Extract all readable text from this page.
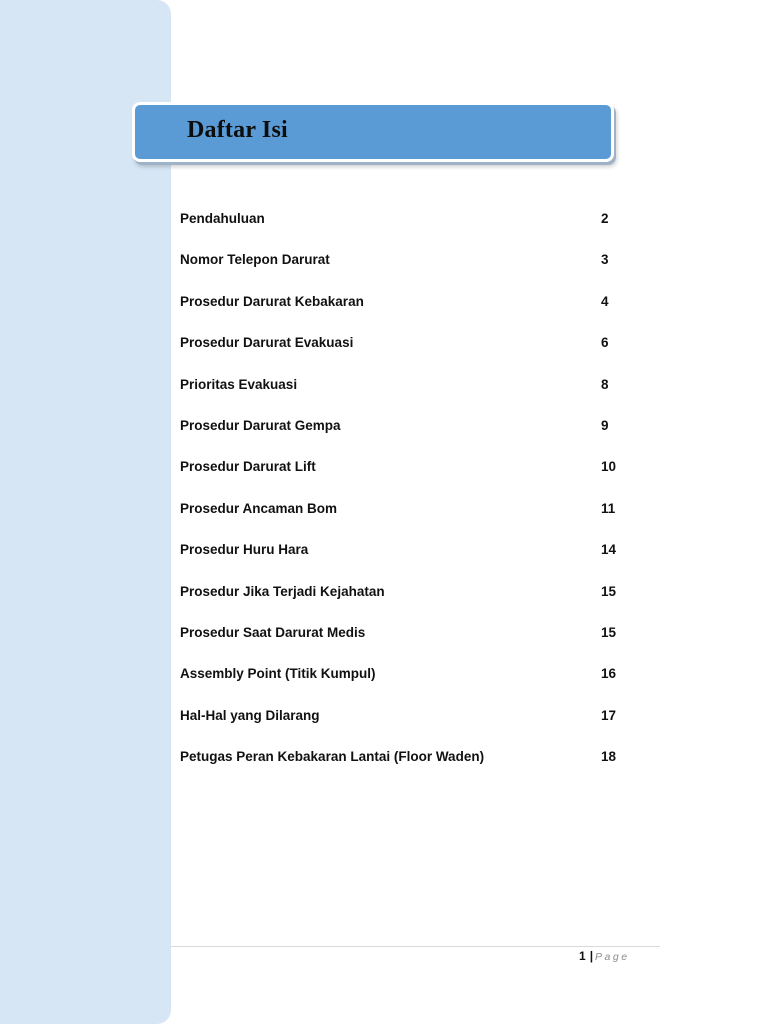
Daftar Isi
Pendahuluan	2
Nomor Telepon Darurat	3
Prosedur Darurat Kebakaran	4
Prosedur Darurat Evakuasi	6
Prioritas Evakuasi	8
Prosedur Darurat Gempa	9
Prosedur Darurat Lift	10
Prosedur Ancaman Bom	11
Prosedur Huru Hara	14
Prosedur Jika Terjadi Kejahatan	15
Prosedur Saat Darurat Medis	15
Assembly Point (Titik Kumpul)	16
Hal-Hal yang Dilarang	17
Petugas Peran Kebakaran Lantai (Floor Waden)	18
1 | Page
